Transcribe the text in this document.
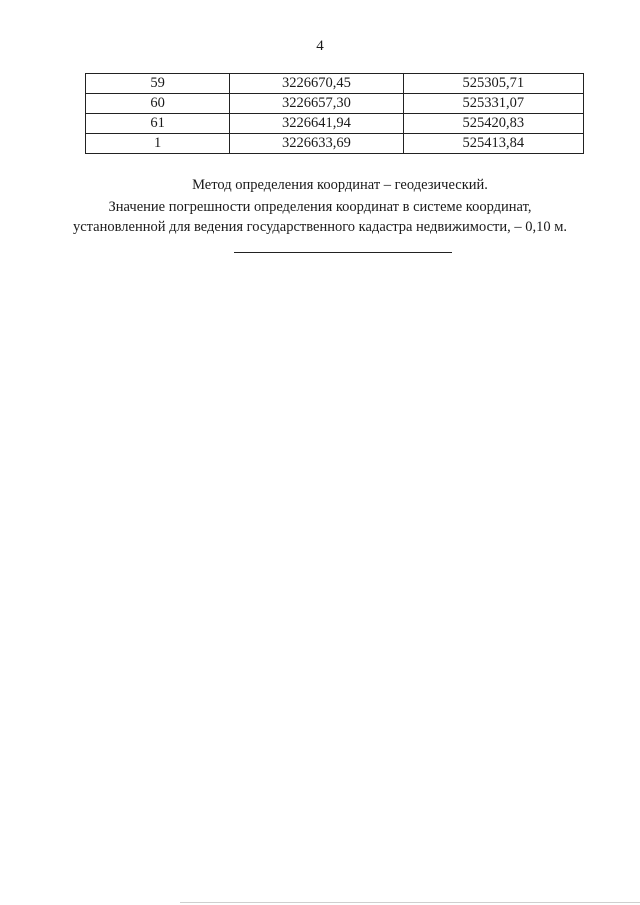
4
59	3226670,45	525305,71
60	3226657,30	525331,07
61	3226641,94	525420,83
1	3226633,69	525413,84
Метод определения координат – геодезический.
Значение погрешности определения координат в системе координат,
установленной для ведения государственного кадастра недвижимости, – 0,10 м.
